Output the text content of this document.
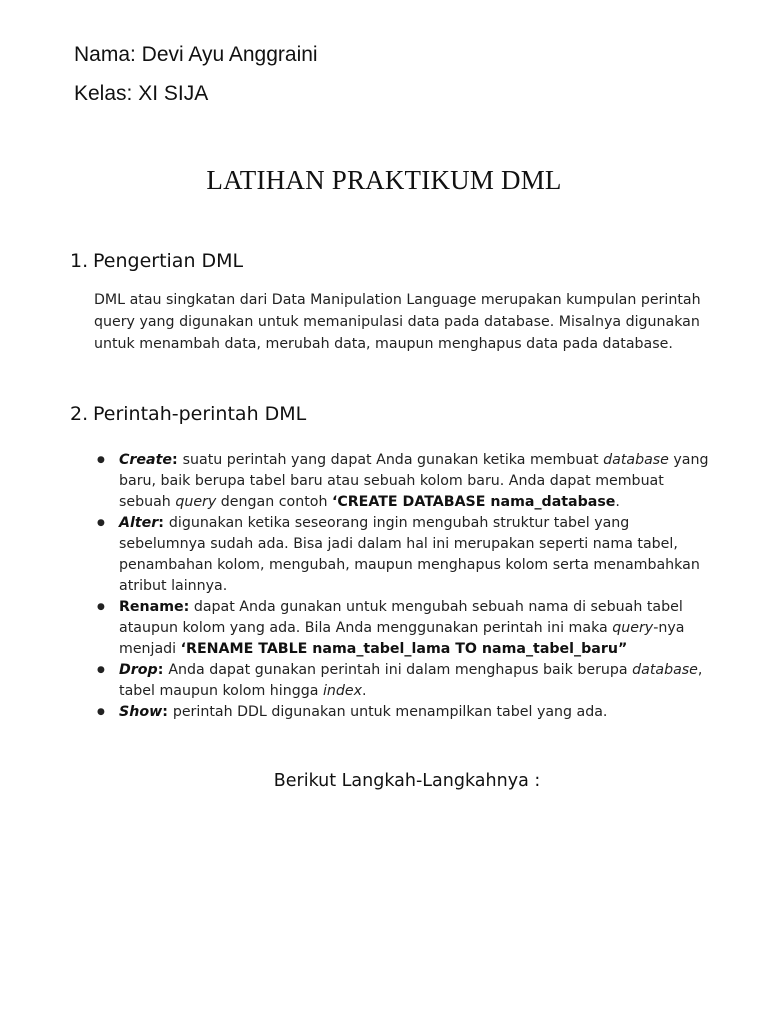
Nama: Devi Ayu Anggraini

Kelas: XI SIJA

LATIHAN PRAKTIKUM DML
1. Pengertian DML

DML atau singkatan dari Data Manipulation Language merupakan kumpulan perintah
query yang digunakan untuk memanipulasi data pada database. Misalnya digunakan
untuk menambah data, merubah data, maupun menghapus data pada database.

2. Perintah-perintah DML
● Create: suatu perintah yang dapat Anda gunakan ketika membuat database yang
baru, baik berupa tabel baru atau sebuah kolom baru. Anda dapat membuat
sebuah query dengan contoh ‘CREATE DATABASE nama_database.
● Alter: digunakan ketika seseorang ingin mengubah struktur tabel yang
sebelumnya sudah ada. Bisa jadi dalam hal ini merupakan seperti nama tabel,
penambahan kolom, mengubah, maupun menghapus kolom serta menambahkan
atribut lainnya.
● Rename: dapat Anda gunakan untuk mengubah sebuah nama di sebuah tabel
ataupun kolom yang ada. Bila Anda menggunakan perintah ini maka query-nya
menjadi ‘RENAME TABLE nama_tabel_lama TO nama_tabel_baru”
● Drop: Anda dapat gunakan perintah ini dalam menghapus baik berupa database,
tabel maupun kolom hingga index.
● Show: perintah DDL digunakan untuk menampilkan tabel yang ada.

Berikut Langkah-Langkahnya :
